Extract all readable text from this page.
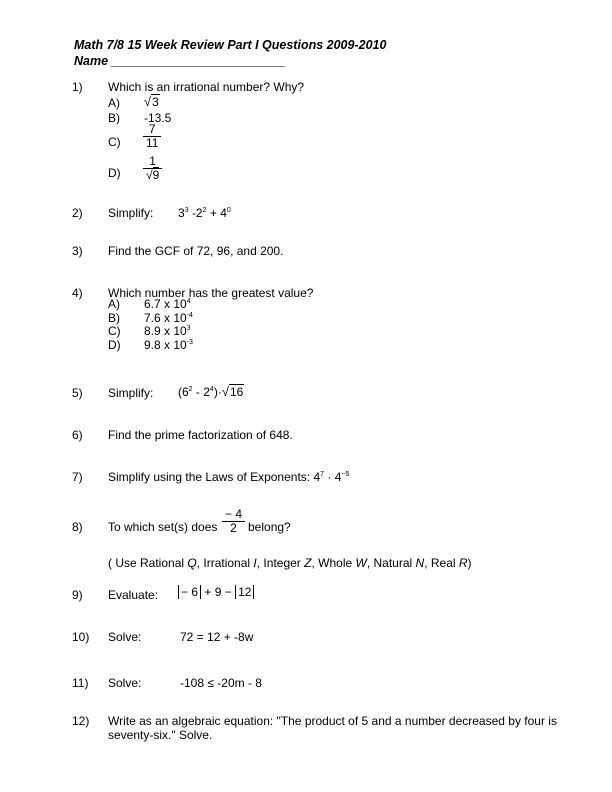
Math 7/8 15 Week Review Part I Questions 2009-2010
Name _________________________
1) Which is an irrational number? Why?
A) √3
B) -13.5
$C) \frac{7}{11}$
$D) \frac{1}{√9}$
2) Simplify: $3^3$ $-2^2 + 4^0$
3) Find the GCF of 72, 96, and 200.
4) Which number has the greatest value?
A) 6.7 x $10^4$
B) 7.6 x $10^{-4}$
C) 8.9 x $10^3$
D) 9.8 x $10^{-3}$
5) Simplify: $(6^2 - 2^4)\cdot√16$
6) Find the prime factorization of 648.
7) Simplify using the Laws of Exponents: $4^7 \cdot 4^{-5}$
8) To which set(s) does $\frac{- 4}{2}$ belong?
( Use Rational Q, Irrational I, Integer Z, Whole W, Natural N, Real R)
9) Evaluate: − 6 + 9 − 12
10) Solve:	72 = 12 + -8w
11) Solve:	-108 ≤ -20m - 8
12) Write as an algebraic equation: "The product of 5 and a number decreased by four is
seventy-six." Solve.
